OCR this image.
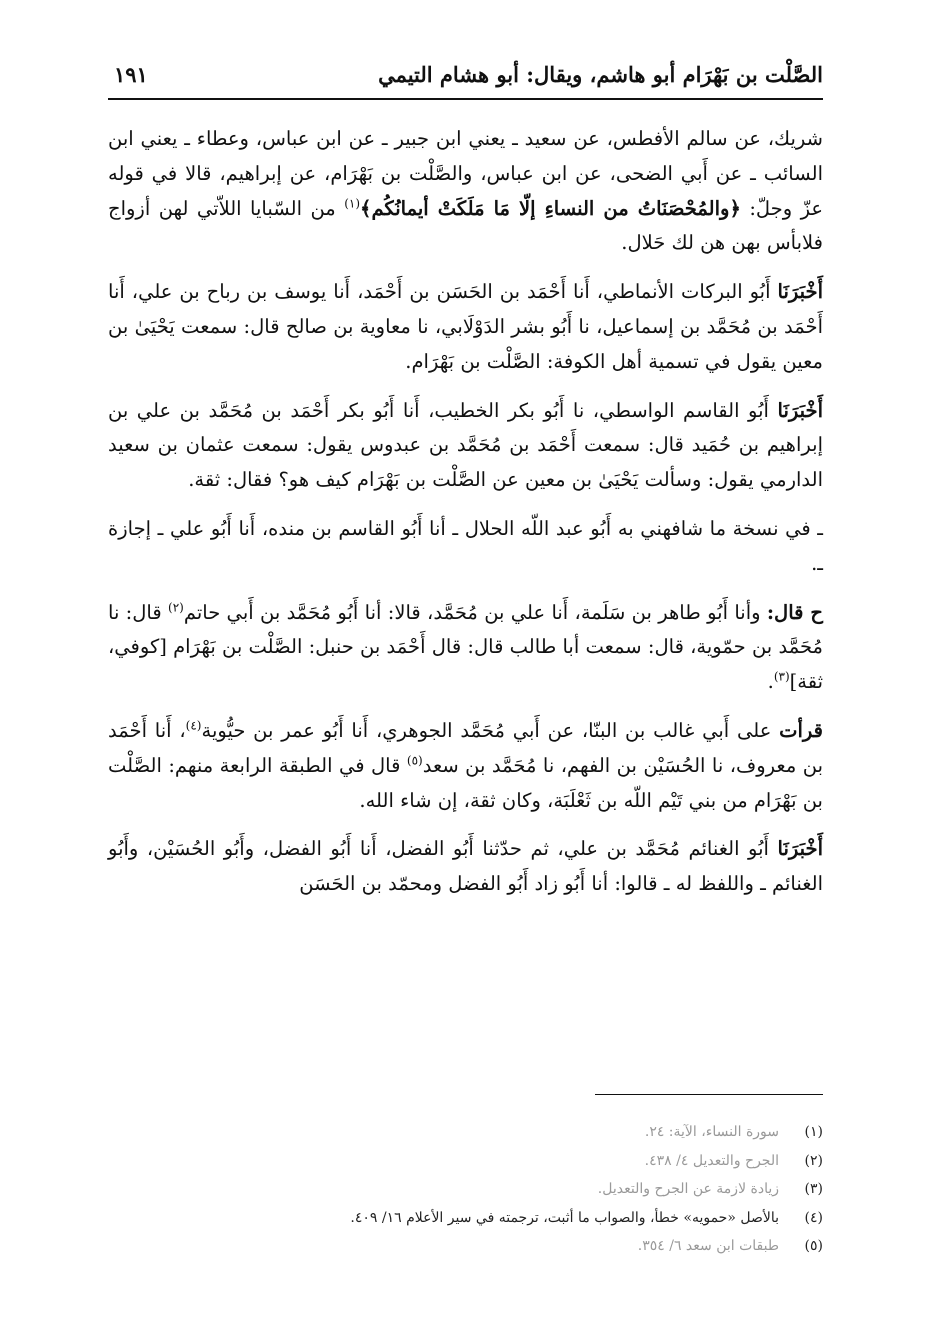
الصَّلْت بن بَهْرَام أبو هاشم، ويقال: أبو هشام التيمي
١٩١

شريك، عن سالم الأفطس، عن سعيد ـ يعني ابن جبير ـ عن ابن عباس، وعطاء ـ يعني ابن السائب ـ عن أَبي الضحى، عن ابن عباس، والصَّلْت بن بَهْرَام، عن إبراهيم، قالا في قوله عزّ وجلّ: ﴿والمُحْصَنَاتُ من النساءِ إلّا مَا مَلَكَتْ أيمانُكُم﴾$^{(١)}$ من السّبايا اللاّتي لهن أزواج فلابأس بهن هن لك حَلال.

أَخْبَرَنَا أَبُو البركات الأنماطي، أَنا أَحْمَد بن الحَسَن بن أَحْمَد، أَنا يوسف بن رباح بن علي، أَنا أَحْمَد بن مُحَمَّد بن إسماعيل، نا أَبُو بشر الدَوْلَابي، نا معاوية بن صالح قال: سمعت يَحْيَىٰ بن معين يقول في تسمية أهل الكوفة: الصَّلْت بن بَهْرَام.

أَخْبَرَنَا أَبُو القاسم الواسطي، نا أَبُو بكر الخطيب، أَنا أَبُو بكر أَحْمَد بن مُحَمَّد بن علي بن إبراهيم بن حُمَيد قال: سمعت أَحْمَد بن مُحَمَّد بن عبدوس يقول: سمعت عثمان بن سعيد الدارمي يقول: وسألت يَحْيَىٰ بن معين عن الصَّلْت بن بَهْرَام كيف هو؟ فقال: ثقة.

ـ في نسخة ما شافهني به أَبُو عبد اللّه الحلال ـ أنا أَبُو القاسم بن منده، أَنا أَبُو علي ـ إجازة ـ.

ح قال: وأنا أَبُو طاهر بن سَلَمة، أَنا علي بن مُحَمَّد، قالا: أنا أَبُو مُحَمَّد بن أَبي حاتم$^{(٢)}$ قال: نا مُحَمَّد بن حمّوية، قال: سمعت أبا طالب قال: قال أَحْمَد بن حنبل: الصَّلْت بن بَهْرَام [كوفي، ثقة]$^{(٣)}$.

قرأت على أَبي غالب بن البنّا، عن أَبي مُحَمَّد الجوهري، أَنا أَبُو عمر بن حيُّوية$^{(٤)}$، أَنا أَحْمَد بن معروف، نا الحُسَيْن بن الفهم، نا مُحَمَّد بن سعد$^{(٥)}$ قال في الطبقة الرابعة منهم: الصَّلْت بن بَهْرَام من بني تَيْم اللّه بن ثَعْلَبَة، وكان ثقة، إن شاء الله.

أَخْبَرَنَا أَبُو الغنائم مُحَمَّد بن علي، ثم حدّثنا أَبُو الفضل، أَنا أَبُو الفضل، وأَبُو الحُسَيْن، وأَبُو الغنائم ـ واللفظ له ـ قالوا: أنا أَبُو زاد أَبُو الفضل ومحمّد بن الحَسَن

(١)سورة النساء، الآية: ٢٤.
(٢)الجرح والتعديل ٤/ ٤٣٨.
(٣)زيادة لازمة عن الجرح والتعديل.
(٤)بالأصل «حمويه» خطأ، والصواب ما أثبت، ترجمته في سير الأعلام ١٦/ ٤٠٩.
(٥)طبقات ابن سعد ٦/ ٣٥٤.
